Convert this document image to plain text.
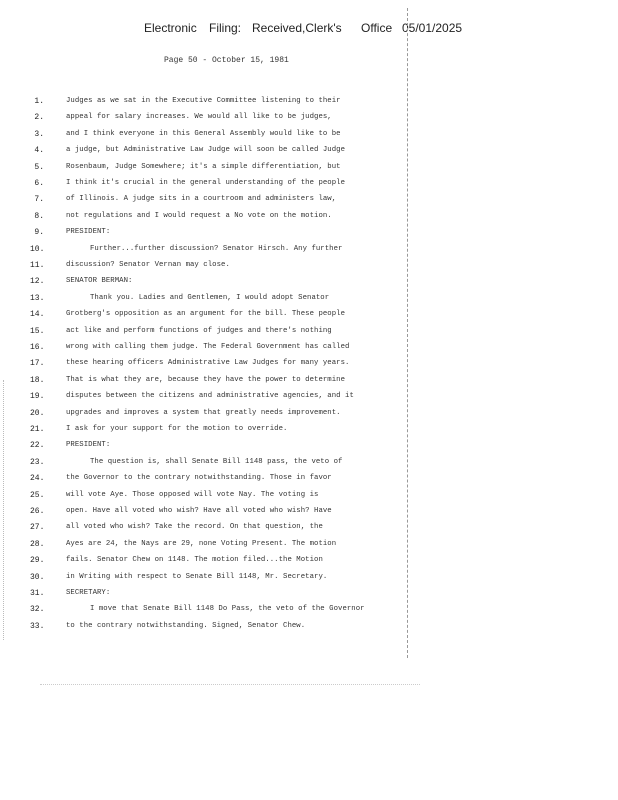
Electronic Filing: Received,Clerk's Office 05/01/2025
Page 50 - October 15, 1981
1.	Judges as we sat in the Executive Committee listening to their
2.	appeal for salary increases. We would all like to be judges,
3.	and I think everyone in this General Assembly would like to be
4.	a judge, but Administrative Law Judge will soon be called Judge
5.	Rosenbaum, Judge Somewhere; it's a simple differentiation, but
6.	I think it's crucial in the general understanding of the people
7.	of Illinois. A judge sits in a courtroom and administers law,
8.	not regulations and I would request a No vote on the motion.
9.	PRESIDENT:
10.	Further...further discussion? Senator Hirsch. Any further
11.	discussion? Senator Vernan may close.
12.	SENATOR BERMAN:
13.	Thank you. Ladies and Gentlemen, I would adopt Senator
14.	Grotberg's opposition as an argument for the bill. These people
15.	act like and perform functions of judges and there's nothing
16.	wrong with calling them judge. The Federal Government has called
17.	these hearing officers Administrative Law Judges for many years.
18.	That is what they are, because they have the power to determine
19.	disputes between the citizens and administrative agencies, and it
20.	upgrades and improves a system that greatly needs improvement.
21.	I ask for your support for the motion to override.
22.	PRESIDENT:
23.	The question is, shall Senate Bill 1148 pass, the veto of
24.	the Governor to the contrary notwithstanding. Those in favor
25.	will vote Aye. Those opposed will vote Nay. The voting is
26.	open. Have all voted who wish? Have all voted who wish? Have
27.	all voted who wish? Take the record. On that question, the
28.	Ayes are 24, the Nays are 29, none Voting Present. The motion
29.	fails. Senator Chew on 1148. The motion filed...the Motion
30.	in Writing with respect to Senate Bill 1148, Mr. Secretary.
31.	SECRETARY:
32.	I move that Senate Bill 1148 Do Pass, the veto of the Governor
33.	to the contrary notwithstanding. Signed, Senator Chew.
